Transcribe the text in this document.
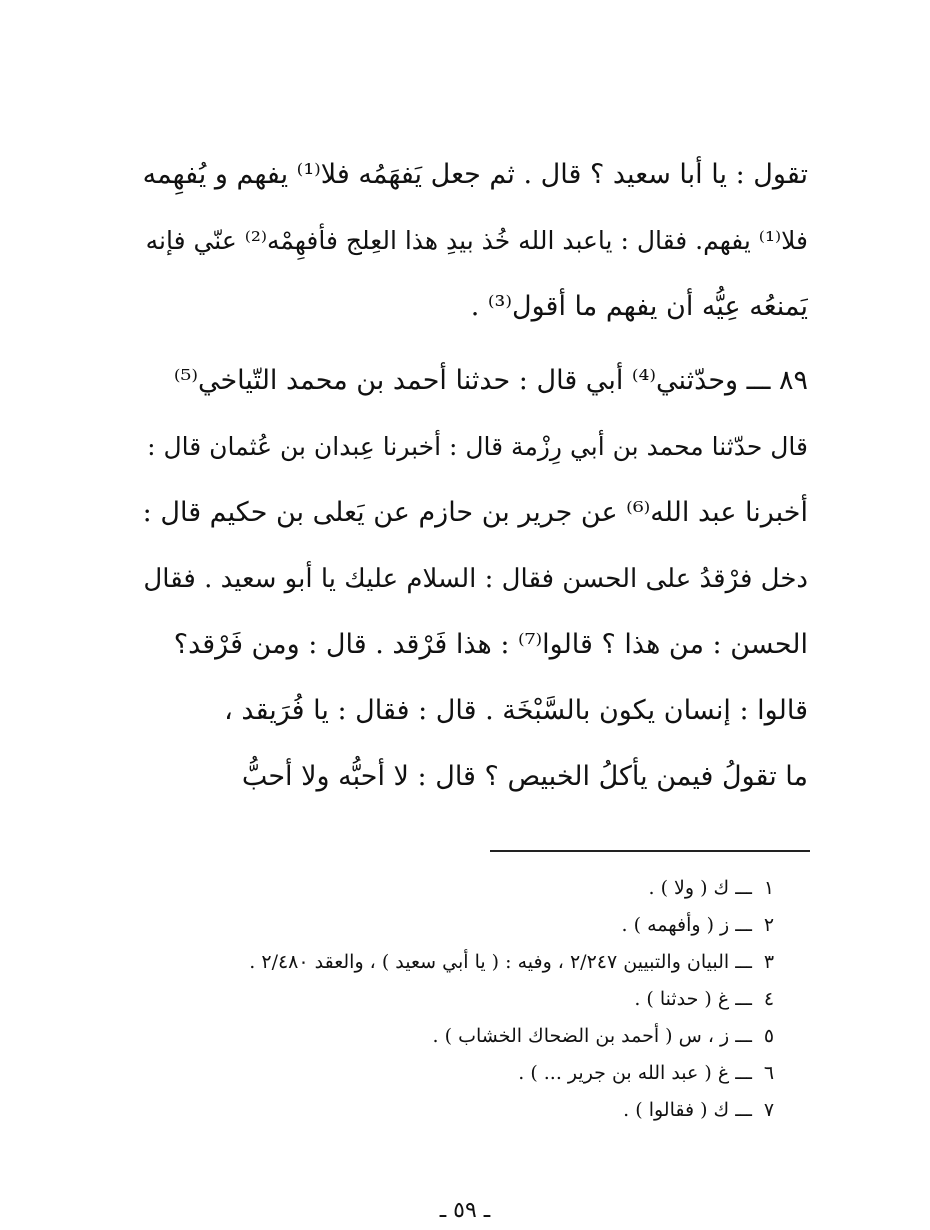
تقول : يا أبا سعيد ؟ قال . ثم جعل يَفهَمُه فلا⁽¹⁾ يفهم و يُفهِمه
فلا⁽¹⁾ يفهم. فقال : ياعبد الله خُذ بيدِ هذا العِلج فأفهِمْه⁽²⁾ عنّي فإنه
يَمنعُه عِيُّه أن يفهم ما أقول⁽³⁾ .
٨٩ ـــ وحدّثني⁽⁴⁾ أبي قال : حدثنا أحمد بن محمد التّياخي⁽⁵⁾
قال حدّثنا محمد بن أبي رِزْمة قال : أخبرنا عِبدان بن عُثمان قال :
أخبرنا عبد الله⁽⁶⁾ عن جرير بن حازم عن يَعلى بن حكيم قال :
دخل فرْقدُ على الحسن فقال : السلام عليك يا أبو سعيد . فقال
الحسن : من هذا ؟ قالوا⁽⁷⁾ : هذا فَرْقد . قال : ومن فَرْقد؟
قالوا : إنسان يكون بالسَّبْخَة . قال : فقال : يا فُرَيقد ،
ما تقولُ فيمن يأكلُ الخبيص ؟ قال : لا أحبُّه ولا أحبُّ
١ ـــ ك ( ولا ) .
٢ ـــ ز ( وأفهمه ) .
٣ ـــ البيان والتبيين ٢/٢٤٧ ، وفيه : ( يا أبي سعيد ) ، والعقد ٢/٤٨٠ .
٤ ـــ غ ( حدثنا ) .
٥ ـــ ز ، س ( أحمد بن الضحاك الخشاب ) .
٦ ـــ غ ( عبد الله بن جرير ... ) .
٧ ـــ ك ( فقالوا ) .
ـ ٥٩ ـ
